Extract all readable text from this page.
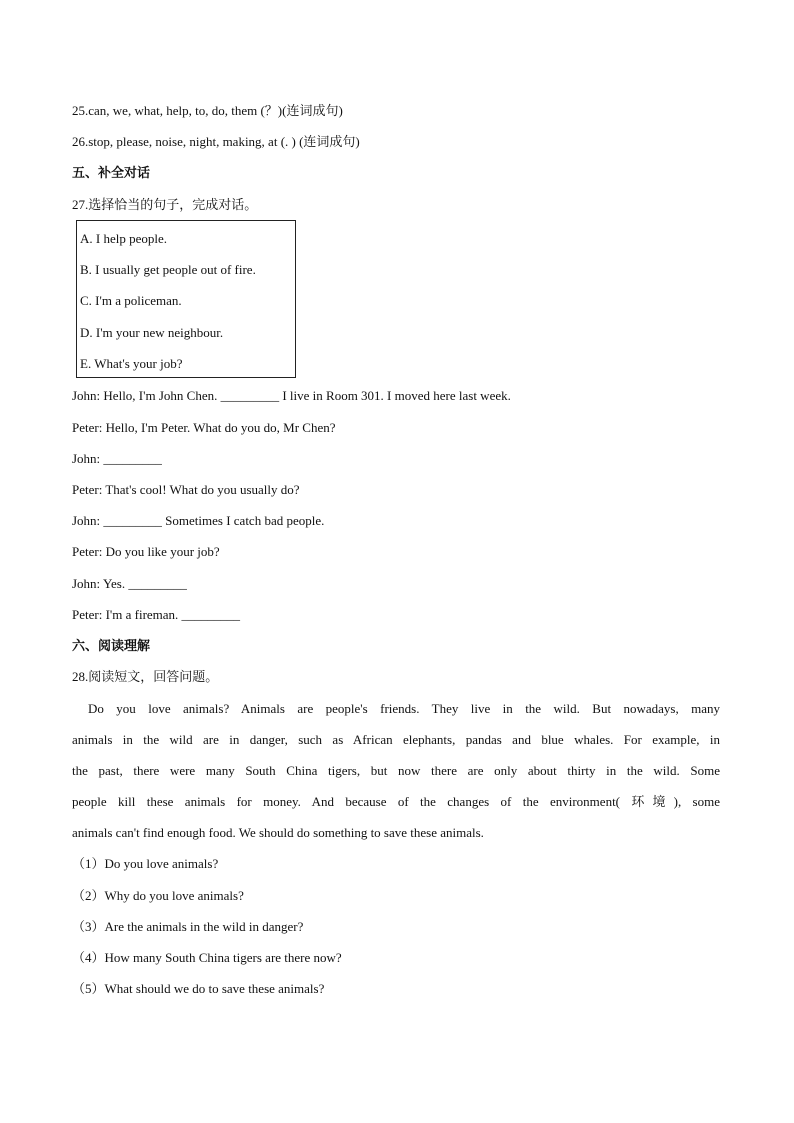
25.can, we, what, help, to, do, them (？)(连词成句)
26.stop, please, noise, night, making, at (. ) (连词成句)
五、补全对话
27.选择恰当的句子，完成对话。
A. I help people.
B. I usually get people out of fire.
C. I'm a policeman.
D. I'm your new neighbour.
E. What's your job?
John: Hello, I'm John Chen. _________ I live in Room 301. I moved here last week.
Peter: Hello, I'm Peter. What do you do, Mr Chen?
John: _________
Peter: That's cool! What do you usually do?
John: _________ Sometimes I catch bad people.
Peter: Do you like your job?
John: Yes. _________
Peter: I'm a fireman. _________
六、阅读理解
28.阅读短文，回答问题。
Do you love animals? Animals are people's friends. They live in the wild. But nowadays, many
animals in the wild are in danger, such as African elephants, pandas and blue whales. For example, in
the past, there were many South China tigers, but now there are only about thirty in the wild. Some
people kill these animals for money. And because of the changes of the environment( 环境), some
animals can't find enough food. We should do something to save these animals.
（1）Do you love animals?
（2）Why do you love animals?
（3）Are the animals in the wild in danger?
（4）How many South China tigers are there now?
（5）What should we do to save these animals?
